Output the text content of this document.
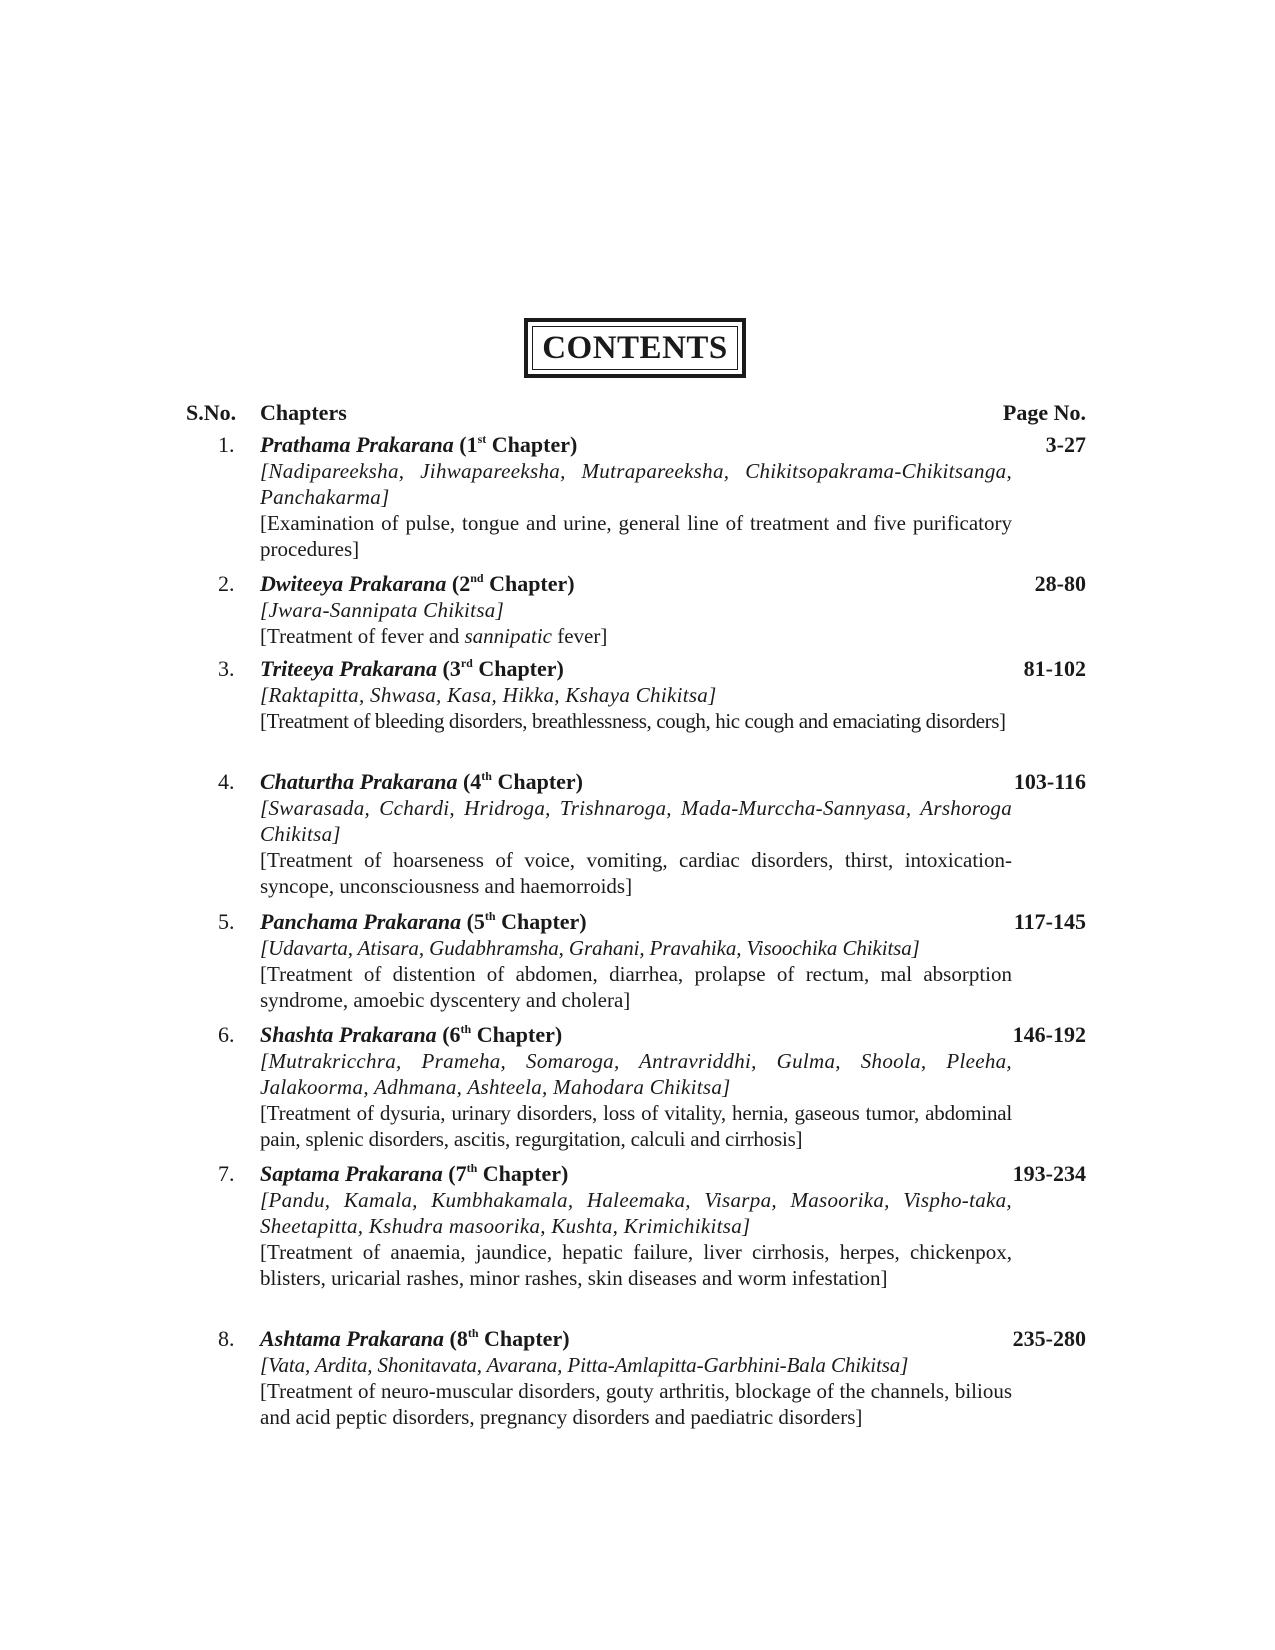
CONTENTS
S.No. Chapters	Page No.
1. Prathama Prakarana (1st Chapter)	3-27

[Nadipareeksha, Jihwapareeksha, Mutrapareeksha, Chikitsopakrama-Chikitsanga, Panchakarma]

[Examination of pulse, tongue and urine, general line of treatment and five purificatory procedures]

2. Dwiteeya Prakarana (2nd Chapter)	28-80

[Jwara-Sannipata Chikitsa]

[Treatment of fever and sannipatic fever]

3. Triteeya Prakarana (3rd Chapter)	81-102

[Raktapitta, Shwasa, Kasa, Hikka, Kshaya Chikitsa]

[Treatment of bleeding disorders, breathlessness, cough, hic cough and emaciating disorders]

4. Chaturtha Prakarana (4th Chapter)	103-116

[Swarasada, Cchardi, Hridroga, Trishnaroga, Mada-Murccha-Sannyasa, Arshoroga Chikitsa]

[Treatment of hoarseness of voice, vomiting, cardiac disorders, thirst, intoxication-syncope, unconsciousness and haemorroids]

5. Panchama Prakarana (5th Chapter)	117-145

[Udavarta, Atisara, Gudabhramsha, Grahani, Pravahika, Visoochika Chikitsa]

[Treatment of distention of abdomen, diarrhea, prolapse of rectum, mal absorption syndrome, amoebic dyscentery and cholera]

6. Shashta Prakarana (6th Chapter)	146-192

[Mutrakricchra, Prameha, Somaroga, Antravriddhi, Gulma, Shoola, Pleeha, Jalakoorma, Adhmana, Ashteela, Mahodara Chikitsa]

[Treatment of dysuria, urinary disorders, loss of vitality, hernia, gaseous tumor, abdominal pain, splenic disorders, ascitis, regurgitation, calculi and cirrhosis]

7. Saptama Prakarana (7th Chapter)	193-234

[Pandu, Kamala, Kumbhakamala, Haleemaka, Visarpa, Masoorika, Vispho-taka, Sheetapitta, Kshudra masoorika, Kushta, Krimichikitsa]

[Treatment of anaemia, jaundice, hepatic failure, liver cirrhosis, herpes, chickenpox, blisters, uricarial rashes, minor rashes, skin diseases and worm infestation]

8. Ashtama Prakarana (8th Chapter)	235-280

[Vata, Ardita, Shonitavata, Avarana, Pitta-Amlapitta-Garbhini-Bala Chikitsa]

[Treatment of neuro-muscular disorders, gouty arthritis, blockage of the channels, bilious and acid peptic disorders, pregnancy disorders and paediatric disorders]
